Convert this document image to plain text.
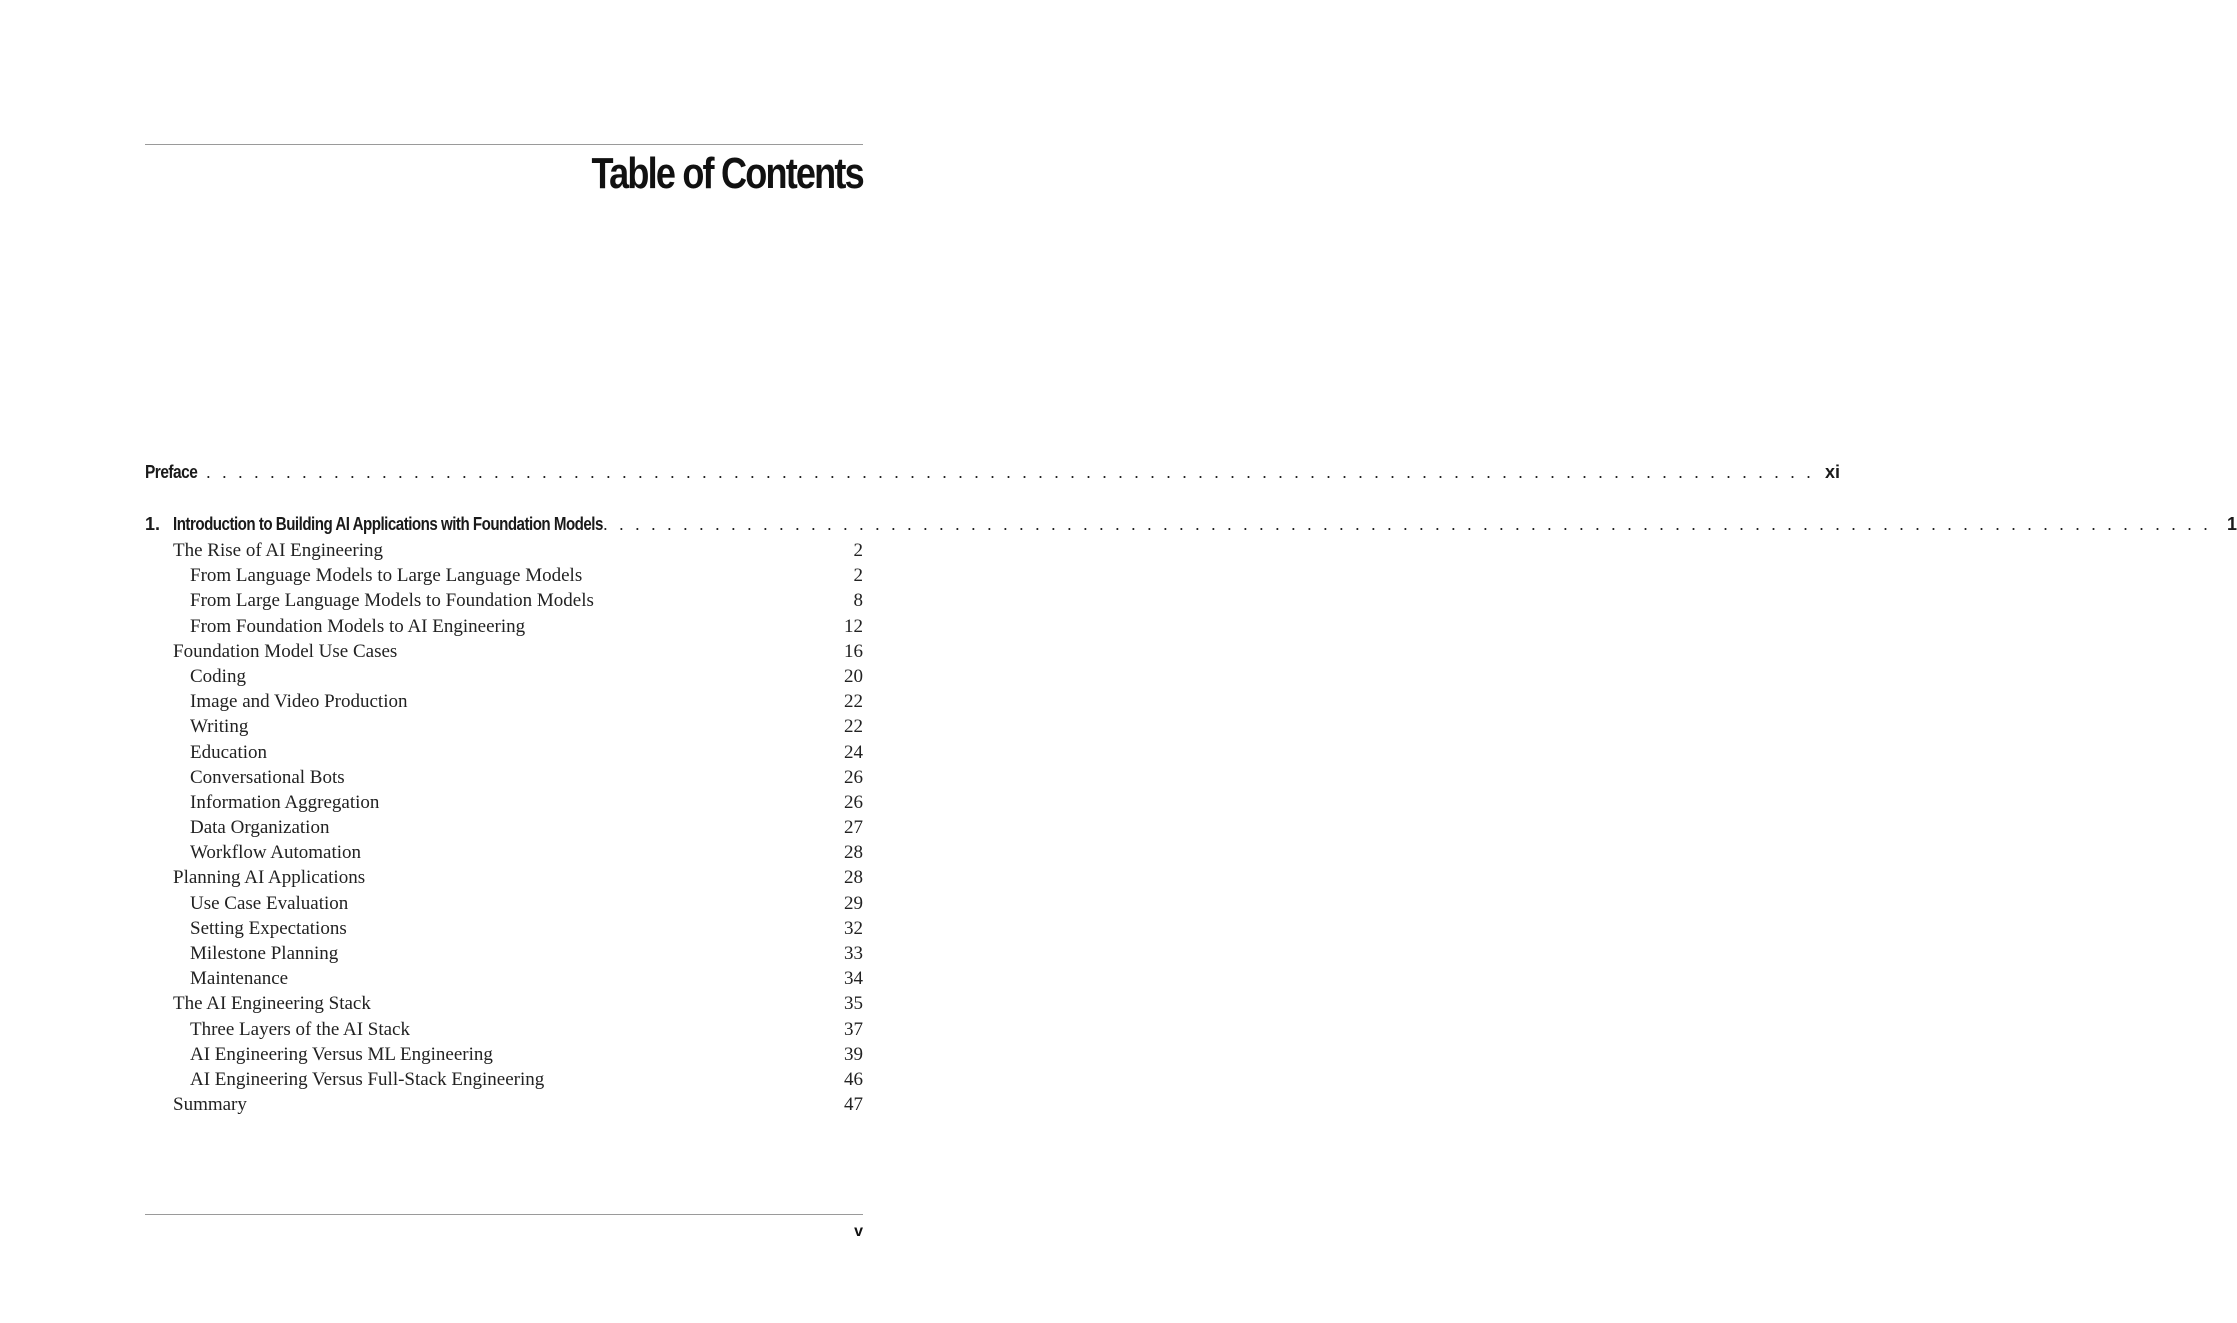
Table of Contents
Preface . . . . . . . . . . . . . . . . . . . . . . . . . . . . . . . . . . . . . . . . . . . . . . . . . . . . . . . . . . . . . . . . . . . . . . . . . . . . . . . . . . . . . . . . . . . . . . . . . . . . . xi
1. Introduction to Building AI Applications with Foundation Models . . . . . . . . . . . . . . . . . . . . . . . . . . . . . . . . . . . . . . . . . . . . . . . . . . . . . . . . . . . . . . . . . . . . . . . . . . . . . . . . . . . . . . . . . . . . . . . . . . . . . 1
The Rise of AI Engineering	2
From Language Models to Large Language Models	2
From Large Language Models to Foundation Models	8
From Foundation Models to AI Engineering	12
Foundation Model Use Cases	16
Coding	20
Image and Video Production	22
Writing	22
Education	24
Conversational Bots	26
Information Aggregation	26
Data Organization	27
Workflow Automation	28
Planning AI Applications	28
Use Case Evaluation	29
Setting Expectations	32
Milestone Planning	33
Maintenance	34
The AI Engineering Stack	35
Three Layers of the AI Stack	37
AI Engineering Versus ML Engineering	39
AI Engineering Versus Full-Stack Engineering	46
Summary	47
v
